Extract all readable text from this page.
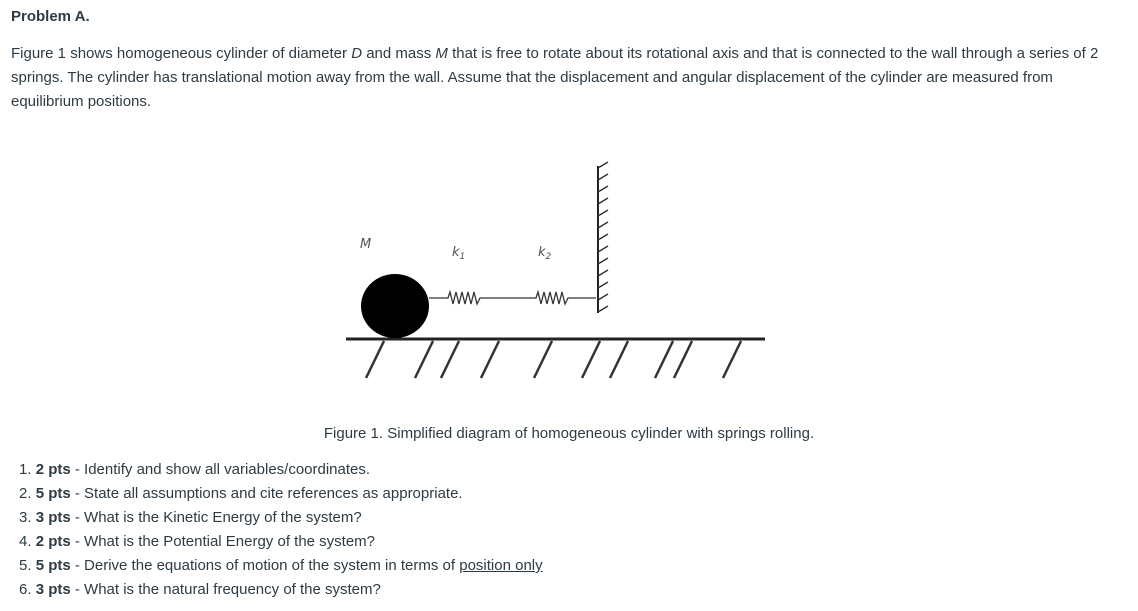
Problem A.
Figure 1 shows homogeneous cylinder of diameter D and mass M that is free to rotate about its rotational axis and that is connected to the wall through a series of 2 springs. The cylinder has translational motion away from the wall. Assume that the displacement and angular displacement of the cylinder are measured from equilibrium positions.
M
$k_1$	$k_2$
Figure 1. Simplified diagram of homogeneous cylinder with springs rolling.
1. 2 pts - Identify and show all variables/coordinates.
2. 5 pts - State all assumptions and cite references as appropriate.
3. 3 pts - What is the Kinetic Energy of the system?
4. 2 pts - What is the Potential Energy of the system?
5. 5 pts - Derive the equations of motion of the system in terms of position only
6. 3 pts - What is the natural frequency of the system?
